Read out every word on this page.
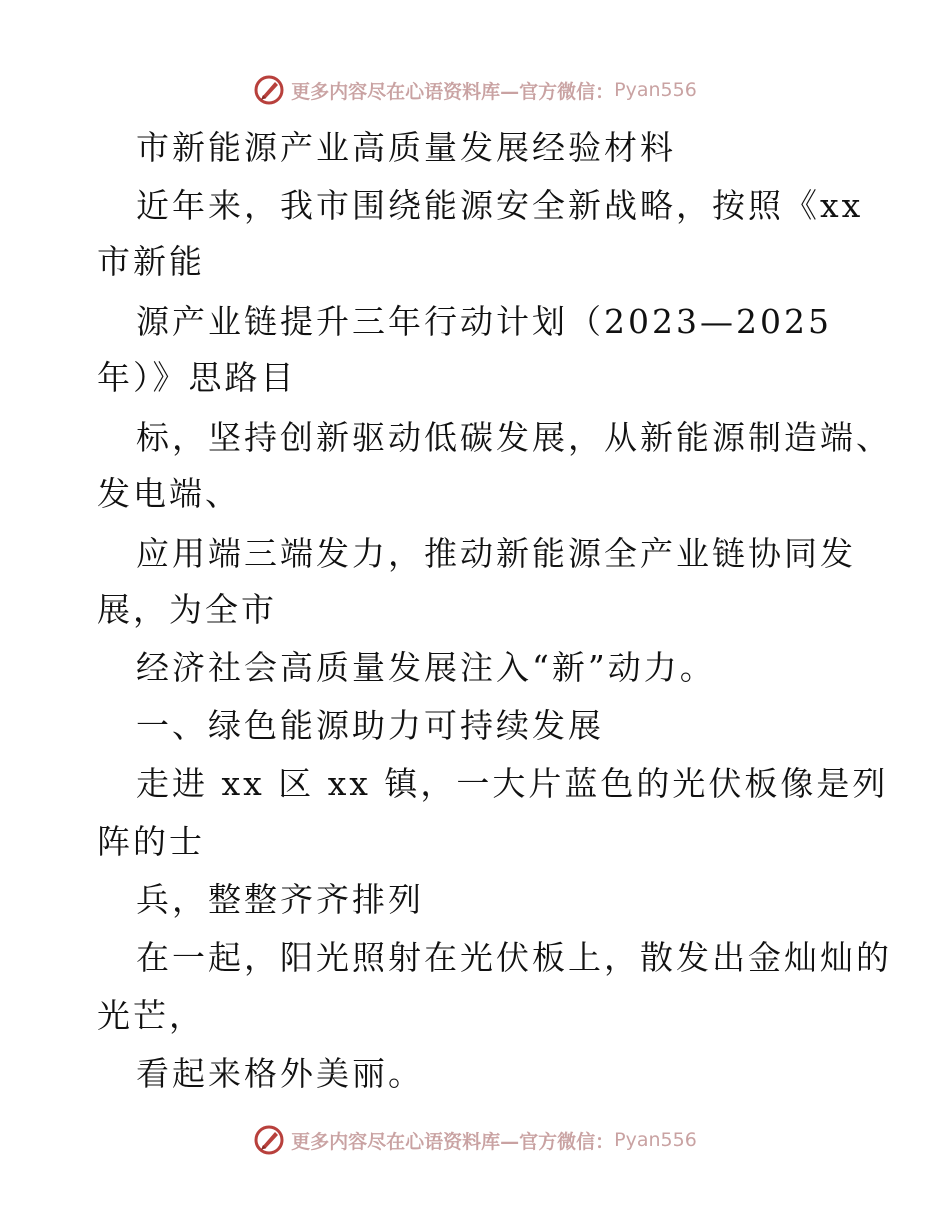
更多内容尽在心语资料库—官方微信： Pyan556
市新能源产业高质量发展经验材料
近年来，我市围绕能源安全新战略，按照《xx
市新能
源产业链提升三年行动计划（2023—2025
年）》思路目
标，坚持创新驱动低碳发展，从新能源制造端、
发电端、
应用端三端发力，推动新能源全产业链协同发
展，为全市
经济社会高质量发展注入“新”动力。
一、绿色能源助力可持续发展
走进 xx 区 xx 镇，一大片蓝色的光伏板像是列
阵的士
兵，整整齐齐排列
在一起，阳光照射在光伏板上，散发出金灿灿的
光芒，
看起来格外美丽。
更多内容尽在心语资料库—官方微信： Pyan556
